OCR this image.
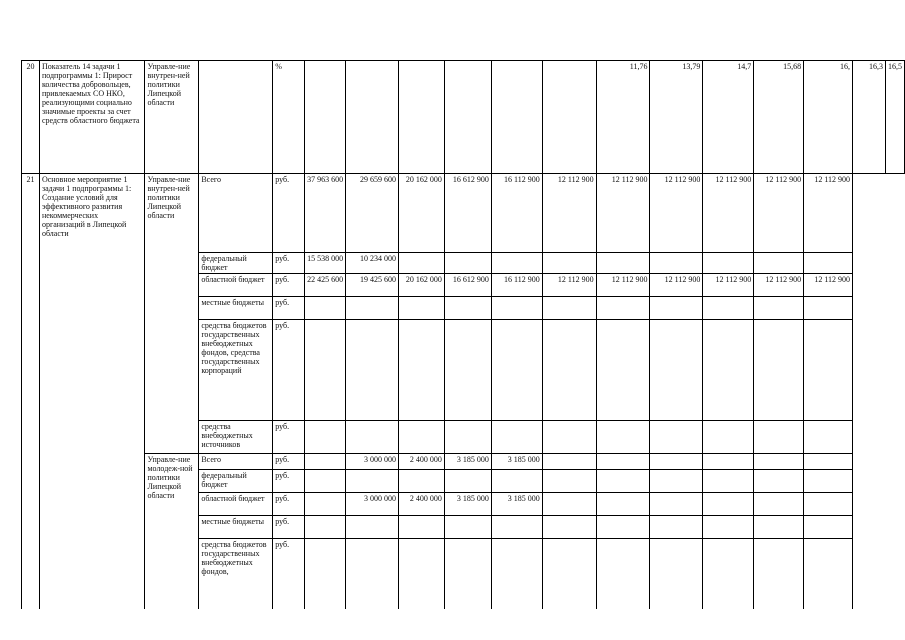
20	Показатель 14 задачи 1 подпрограммы 1: Прирост количества добровольцев, привлекаемых СО НКО, реализующими социально значимые проекты за счет средств областного бюджета	Управле-ние внутрен-ней политики Липецкой области		%							11,76	13,79	14,7	15,68	16,	16,3	16,5
21	Основное мероприятие 1 задачи 1 подпрограммы 1: Создание условий для эффективного развития некоммерческих организаций в Липецкой области	Управле-ние внутрен-ней политики Липецкой области	Всего	руб.	37 963 600	29 659 600	20 162 000	16 612 900	16 112 900	12 112 900	12 112 900	12 112 900	12 112 900	12 112 900	12 112 900		
			федеральный бюджет	руб.	15 538 000	10 234 000											
			областной бюджет	руб.	22 425 600	19 425 600	20 162 000	16 612 900	16 112 900	12 112 900	12 112 900	12 112 900	12 112 900	12 112 900	12 112 900		
			местные бюджеты	руб.													
			средства бюджетов государственных внебюджетных фондов, средства государственных корпораций	руб.													
			средства внебюджетных источников	руб.													
		Управле-ние молодеж-ной политики Липецкой области	Всего	руб.		3 000 000	2 400 000	3 185 000	3 185 000								
			федеральный бюджет	руб.													
			областной бюджет	руб.		3 000 000	2 400 000	3 185 000	3 185 000								
			местные бюджеты	руб.													
			средства бюджетов государственных внебюджетных фондов,	руб.													
